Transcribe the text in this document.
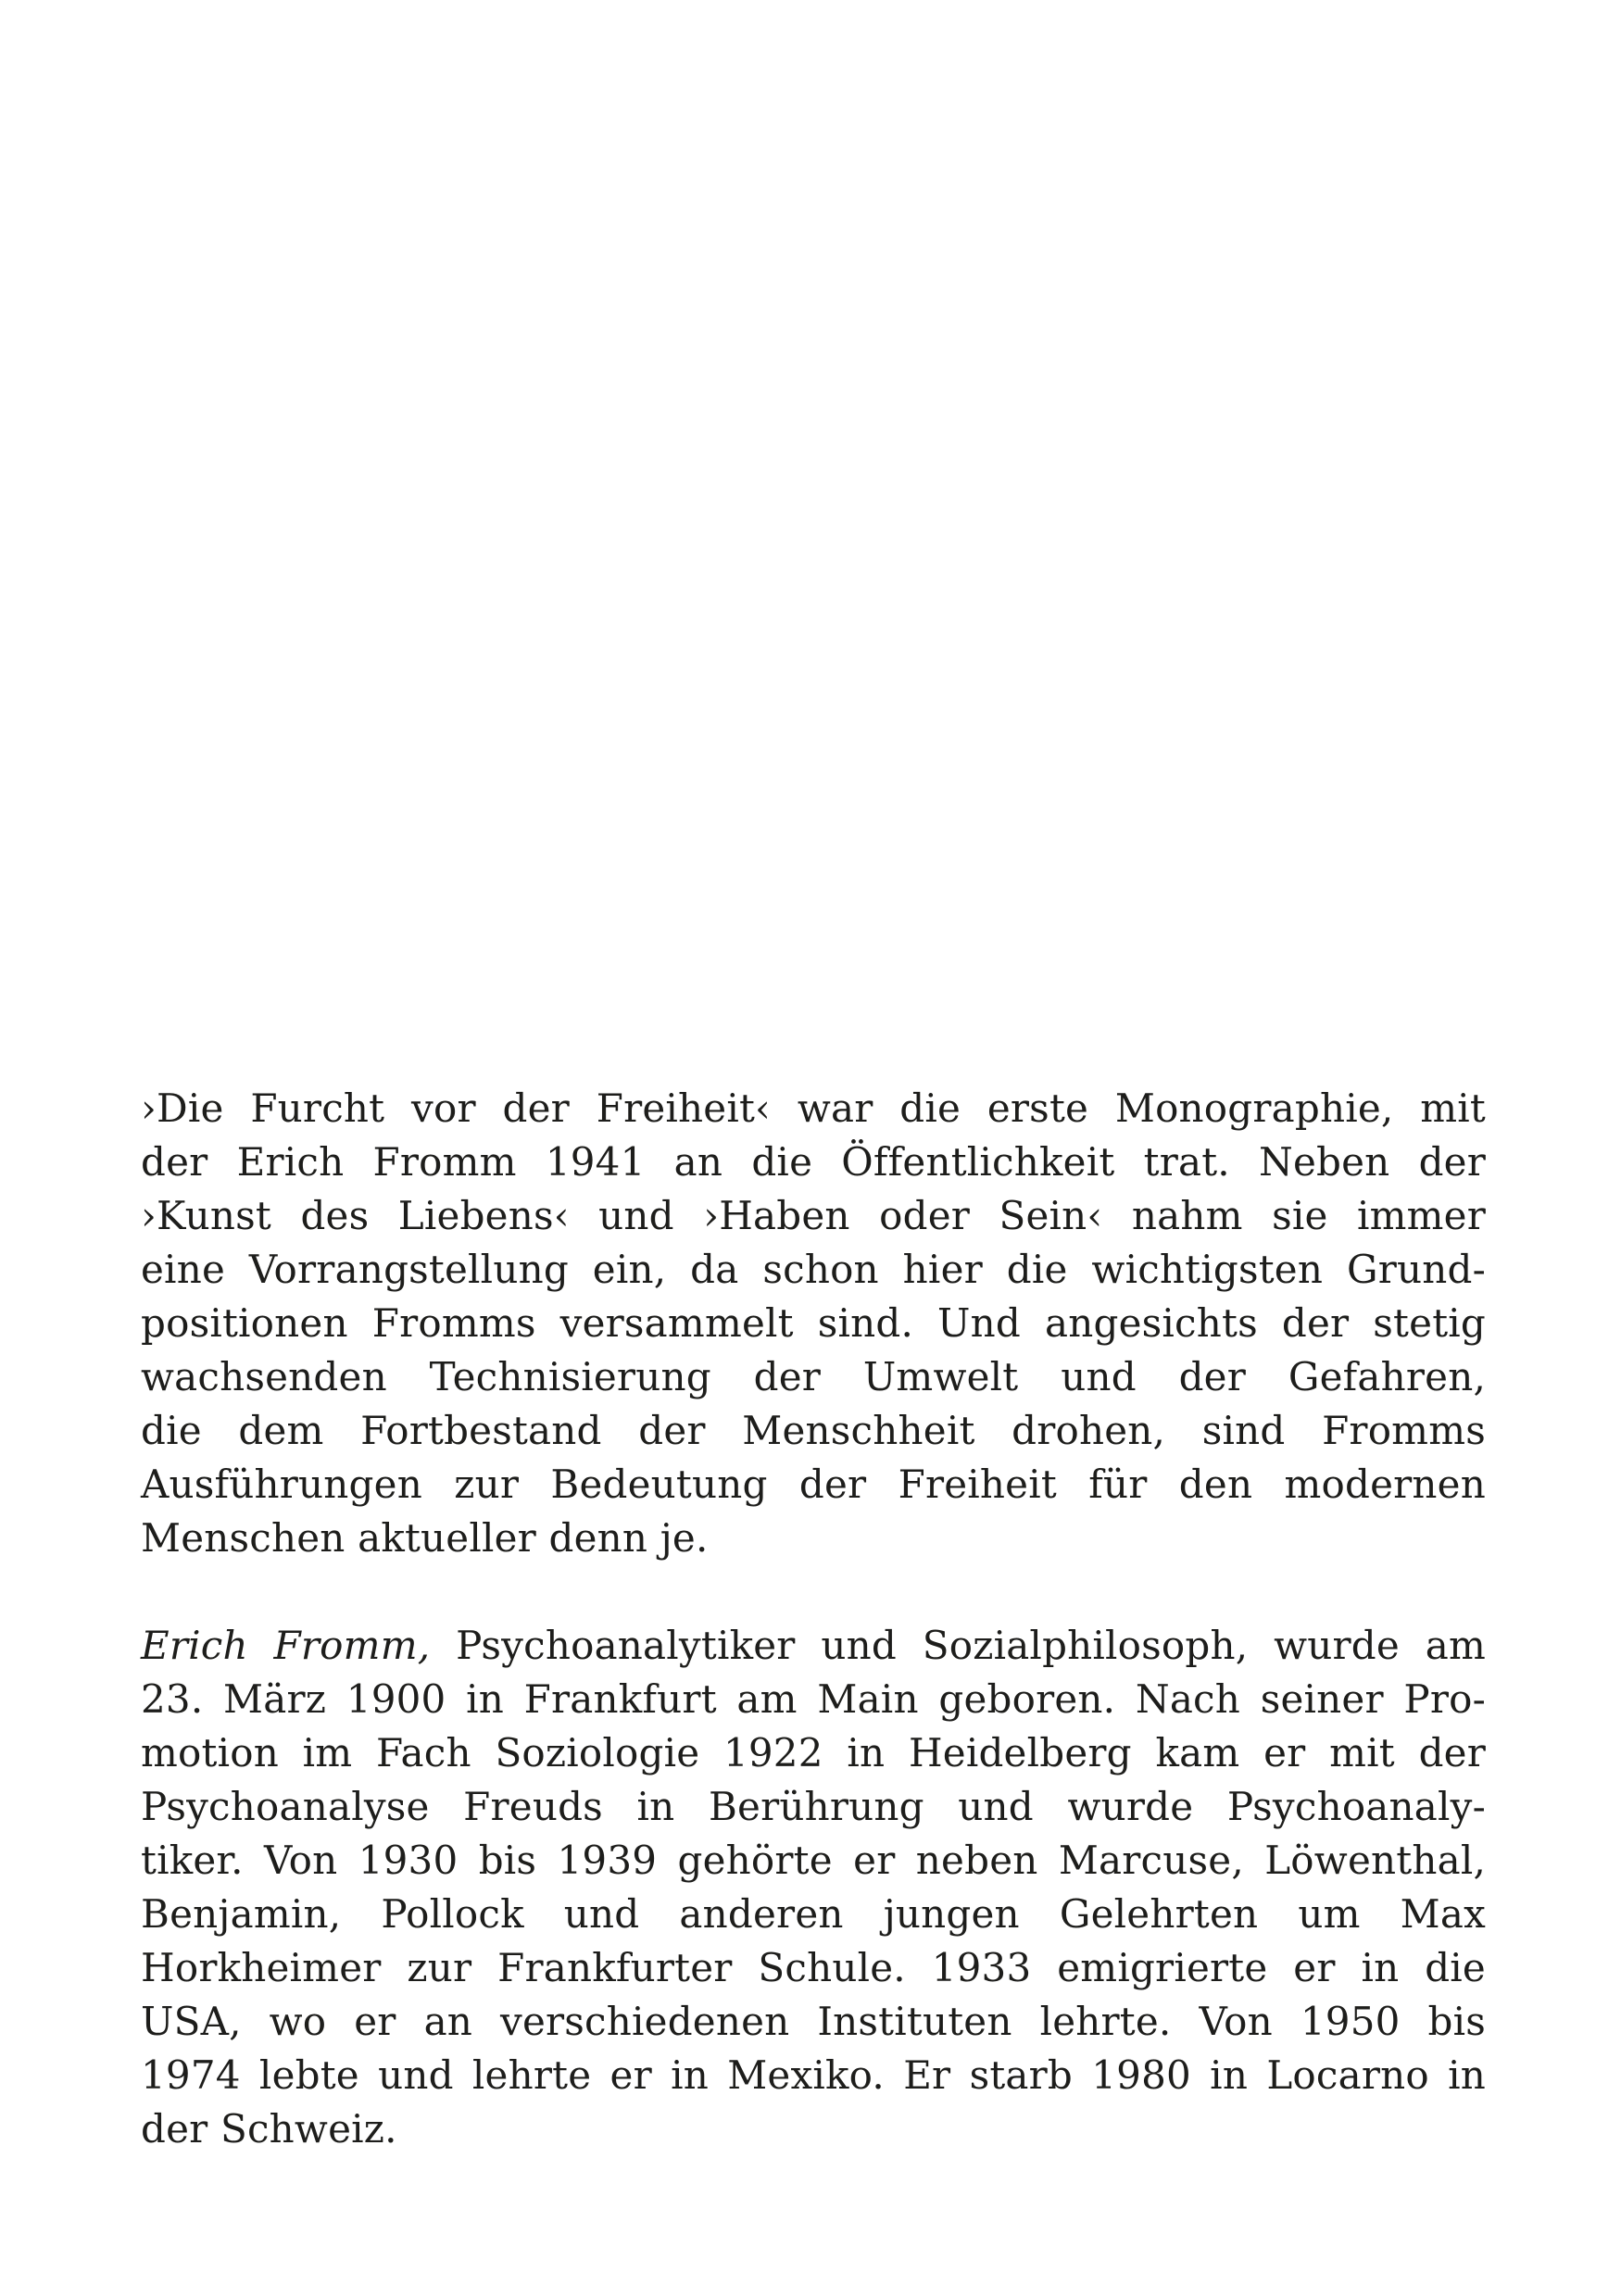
›Die Furcht vor der Freiheit‹ war die erste Monographie, mit
der Erich Fromm 1941 an die Öffentlichkeit trat. Neben der
›Kunst des Liebens‹ und ›Haben oder Sein‹ nahm sie immer
eine Vorrangstellung ein, da schon hier die wichtigsten Grund-
positionen Fromms versammelt sind. Und angesichts der stetig
wachsenden Technisierung der Umwelt und der Gefahren,
die dem Fortbestand der Menschheit drohen, sind Fromms
Ausführungen zur Bedeutung der Freiheit für den modernen
Menschen aktueller denn je.
Erich Fromm, Psychoanalytiker und Sozialphilosoph, wurde am
23. März 1900 in Frankfurt am Main geboren. Nach seiner Pro-
motion im Fach Soziologie 1922 in Heidelberg kam er mit der
Psychoanalyse Freuds in Berührung und wurde Psychoanaly-
tiker. Von 1930 bis 1939 gehörte er neben Marcuse, Löwenthal,
Benjamin, Pollock und anderen jungen Gelehrten um Max
Horkheimer zur Frankfurter Schule. 1933 emigrierte er in die
USA, wo er an verschiedenen Instituten lehrte. Von 1950 bis
1974 lebte und lehrte er in Mexiko. Er starb 1980 in Locarno in
der Schweiz.
